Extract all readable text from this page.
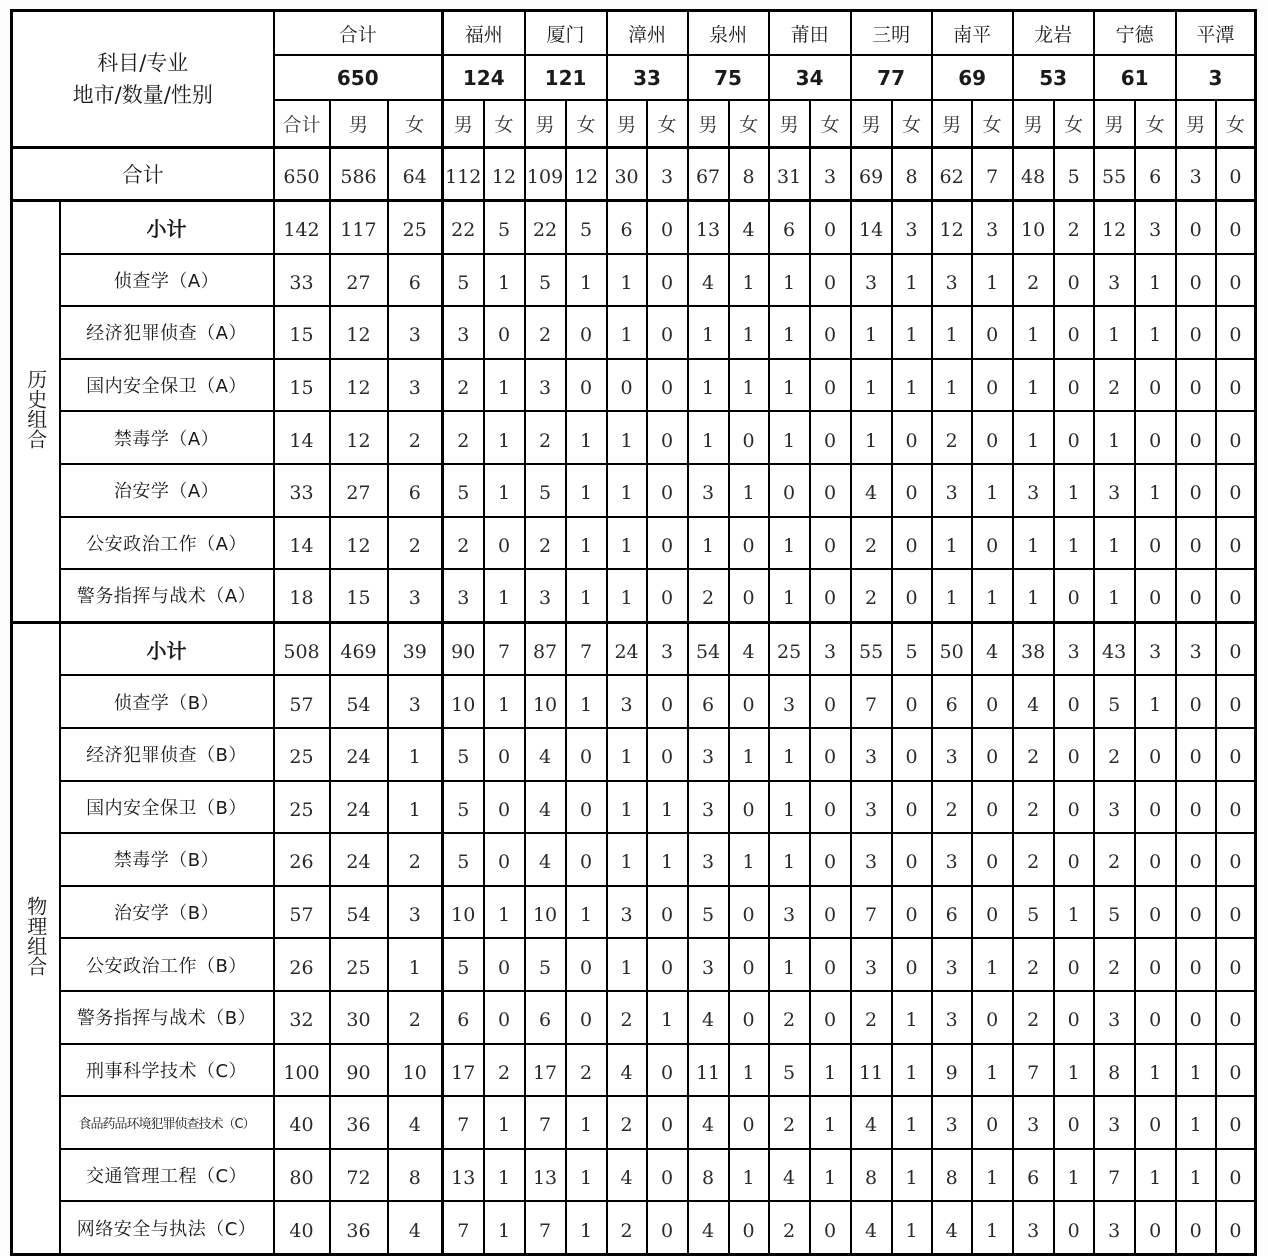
科目/专业
地市/数量/性别		合计			福州		厦门		漳州		泉州		莆田		三明		南平		龙岩		宁德		平潭	
		650			124		121		33		75		34		77		69		53		61		3	
		合计	男	女	男	女	男	女	男	女	男	女	男	女	男	女	男	女	男	女	男	女	男	女
合计		650	586	64	112	12	109	12	30	3	67	8	31	3	69	8	62	7	48	5	55	6	3	0
历史组合	小计	142	117	25	22	5	22	5	6	0	13	4	6	0	14	3	12	3	10	2	12	3	0	0
	侦查学（A）	33	27	6	5	1	5	1	1	0	4	1	1	0	3	1	3	1	2	0	3	1	0	0
	经济犯罪侦查（A）	15	12	3	3	0	2	0	1	0	1	1	1	0	1	1	1	0	1	0	1	1	0	0
	国内安全保卫（A）	15	12	3	2	1	3	0	0	0	1	1	1	0	1	1	1	0	1	0	2	0	0	0
	禁毒学（A）	14	12	2	2	1	2	1	1	0	1	0	1	0	1	0	2	0	1	0	1	0	0	0
	治安学（A）	33	27	6	5	1	5	1	1	0	3	1	0	0	4	0	3	1	3	1	3	1	0	0
	公安政治工作（A）	14	12	2	2	0	2	1	1	0	1	0	1	0	2	0	1	0	1	1	1	0	0	0
	警务指挥与战术（A）	18	15	3	3	1	3	1	1	0	2	0	1	0	2	0	1	1	1	0	1	0	0	0
物理组合	小计	508	469	39	90	7	87	7	24	3	54	4	25	3	55	5	50	4	38	3	43	3	3	0
	侦查学（B）	57	54	3	10	1	10	1	3	0	6	0	3	0	7	0	6	0	4	0	5	1	0	0
	经济犯罪侦查（B）	25	24	1	5	0	4	0	1	0	3	1	1	0	3	0	3	0	2	0	2	0	0	0
	国内安全保卫（B）	25	24	1	5	0	4	0	1	1	3	0	1	0	3	0	2	0	2	0	3	0	0	0
	禁毒学（B）	26	24	2	5	0	4	0	1	1	3	1	1	0	3	0	3	0	2	0	2	0	0	0
	治安学（B）	57	54	3	10	1	10	1	3	0	5	0	3	0	7	0	6	0	5	1	5	0	0	0
	公安政治工作（B）	26	25	1	5	0	5	0	1	0	3	0	1	0	3	0	3	1	2	0	2	0	0	0
	警务指挥与战术（B）	32	30	2	6	0	6	0	2	1	4	0	2	0	2	1	3	0	2	0	3	0	0	0
	刑事科学技术（C）	100	90	10	17	2	17	2	4	0	11	1	5	1	11	1	9	1	7	1	8	1	1	0
	食品药品环境犯罪侦查技术（C）	40	36	4	7	1	7	1	2	0	4	0	2	1	4	1	3	0	3	0	3	0	1	0
	交通管理工程（C）	80	72	8	13	1	13	1	4	0	8	1	4	1	8	1	8	1	6	1	7	1	1	0
	网络安全与执法（C）	40	36	4	7	1	7	1	2	0	4	0	2	0	4	1	4	1	3	0	3	0	0	0
